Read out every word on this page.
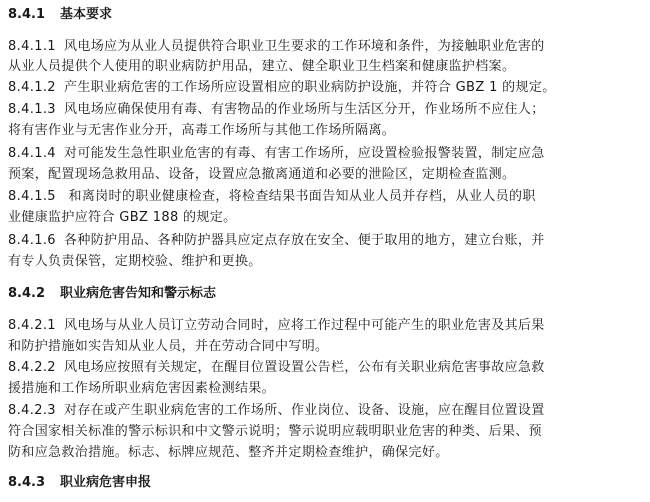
8.4.1 基本要求
8.4.1.1 风电场应为从业人员提供符合职业卫生要求的工作环境和条件，为接触职业危害的
从业人员提供个人使用的职业病防护用品，建立、健全职业卫生档案和健康监护档案。
8.4.1.2 产生职业病危害的工作场所应设置相应的职业病防护设施，并符合 GBZ 1 的规定。
8.4.1.3 风电场应确保使用有毒、有害物品的作业场所与生活区分开，作业场所不应住人；
将有害作业与无害作业分开，高毒工作场所与其他工作场所隔离。
8.4.1.4 对可能发生急性职业危害的有毒、有害工作场所，应设置检验报警装置，制定应急
预案，配置现场急救用品、设备，设置应急撤离通道和必要的泄险区，定期检查监测。
8.4.1.5 和离岗时的职业健康检查，将检查结果书面告知从业人员并存档，从业人员的职
业健康监护应符合 GBZ 188 的规定。
8.4.1.6 各种防护用品、各种防护器具应定点存放在安全、便于取用的地方，建立台账，并
有专人负责保管，定期校验、维护和更换。
8.4.2 职业病危害告知和警示标志
8.4.2.1 风电场与从业人员订立劳动合同时，应将工作过程中可能产生的职业危害及其后果
和防护措施如实告知从业人员，并在劳动合同中写明。
8.4.2.2 风电场应按照有关规定，在醒目位置设置公告栏，公布有关职业病危害事故应急救
援措施和工作场所职业病危害因素检测结果。
8.4.2.3 对存在或产生职业病危害的工作场所、作业岗位、设备、设施，应在醒目位置设置
符合国家相关标准的警示标识和中文警示说明；警示说明应载明职业危害的种类、后果、预
防和应急救治措施。标志、标牌应规范、整齐并定期检查维护，确保完好。
8.4.3 职业病危害申报
